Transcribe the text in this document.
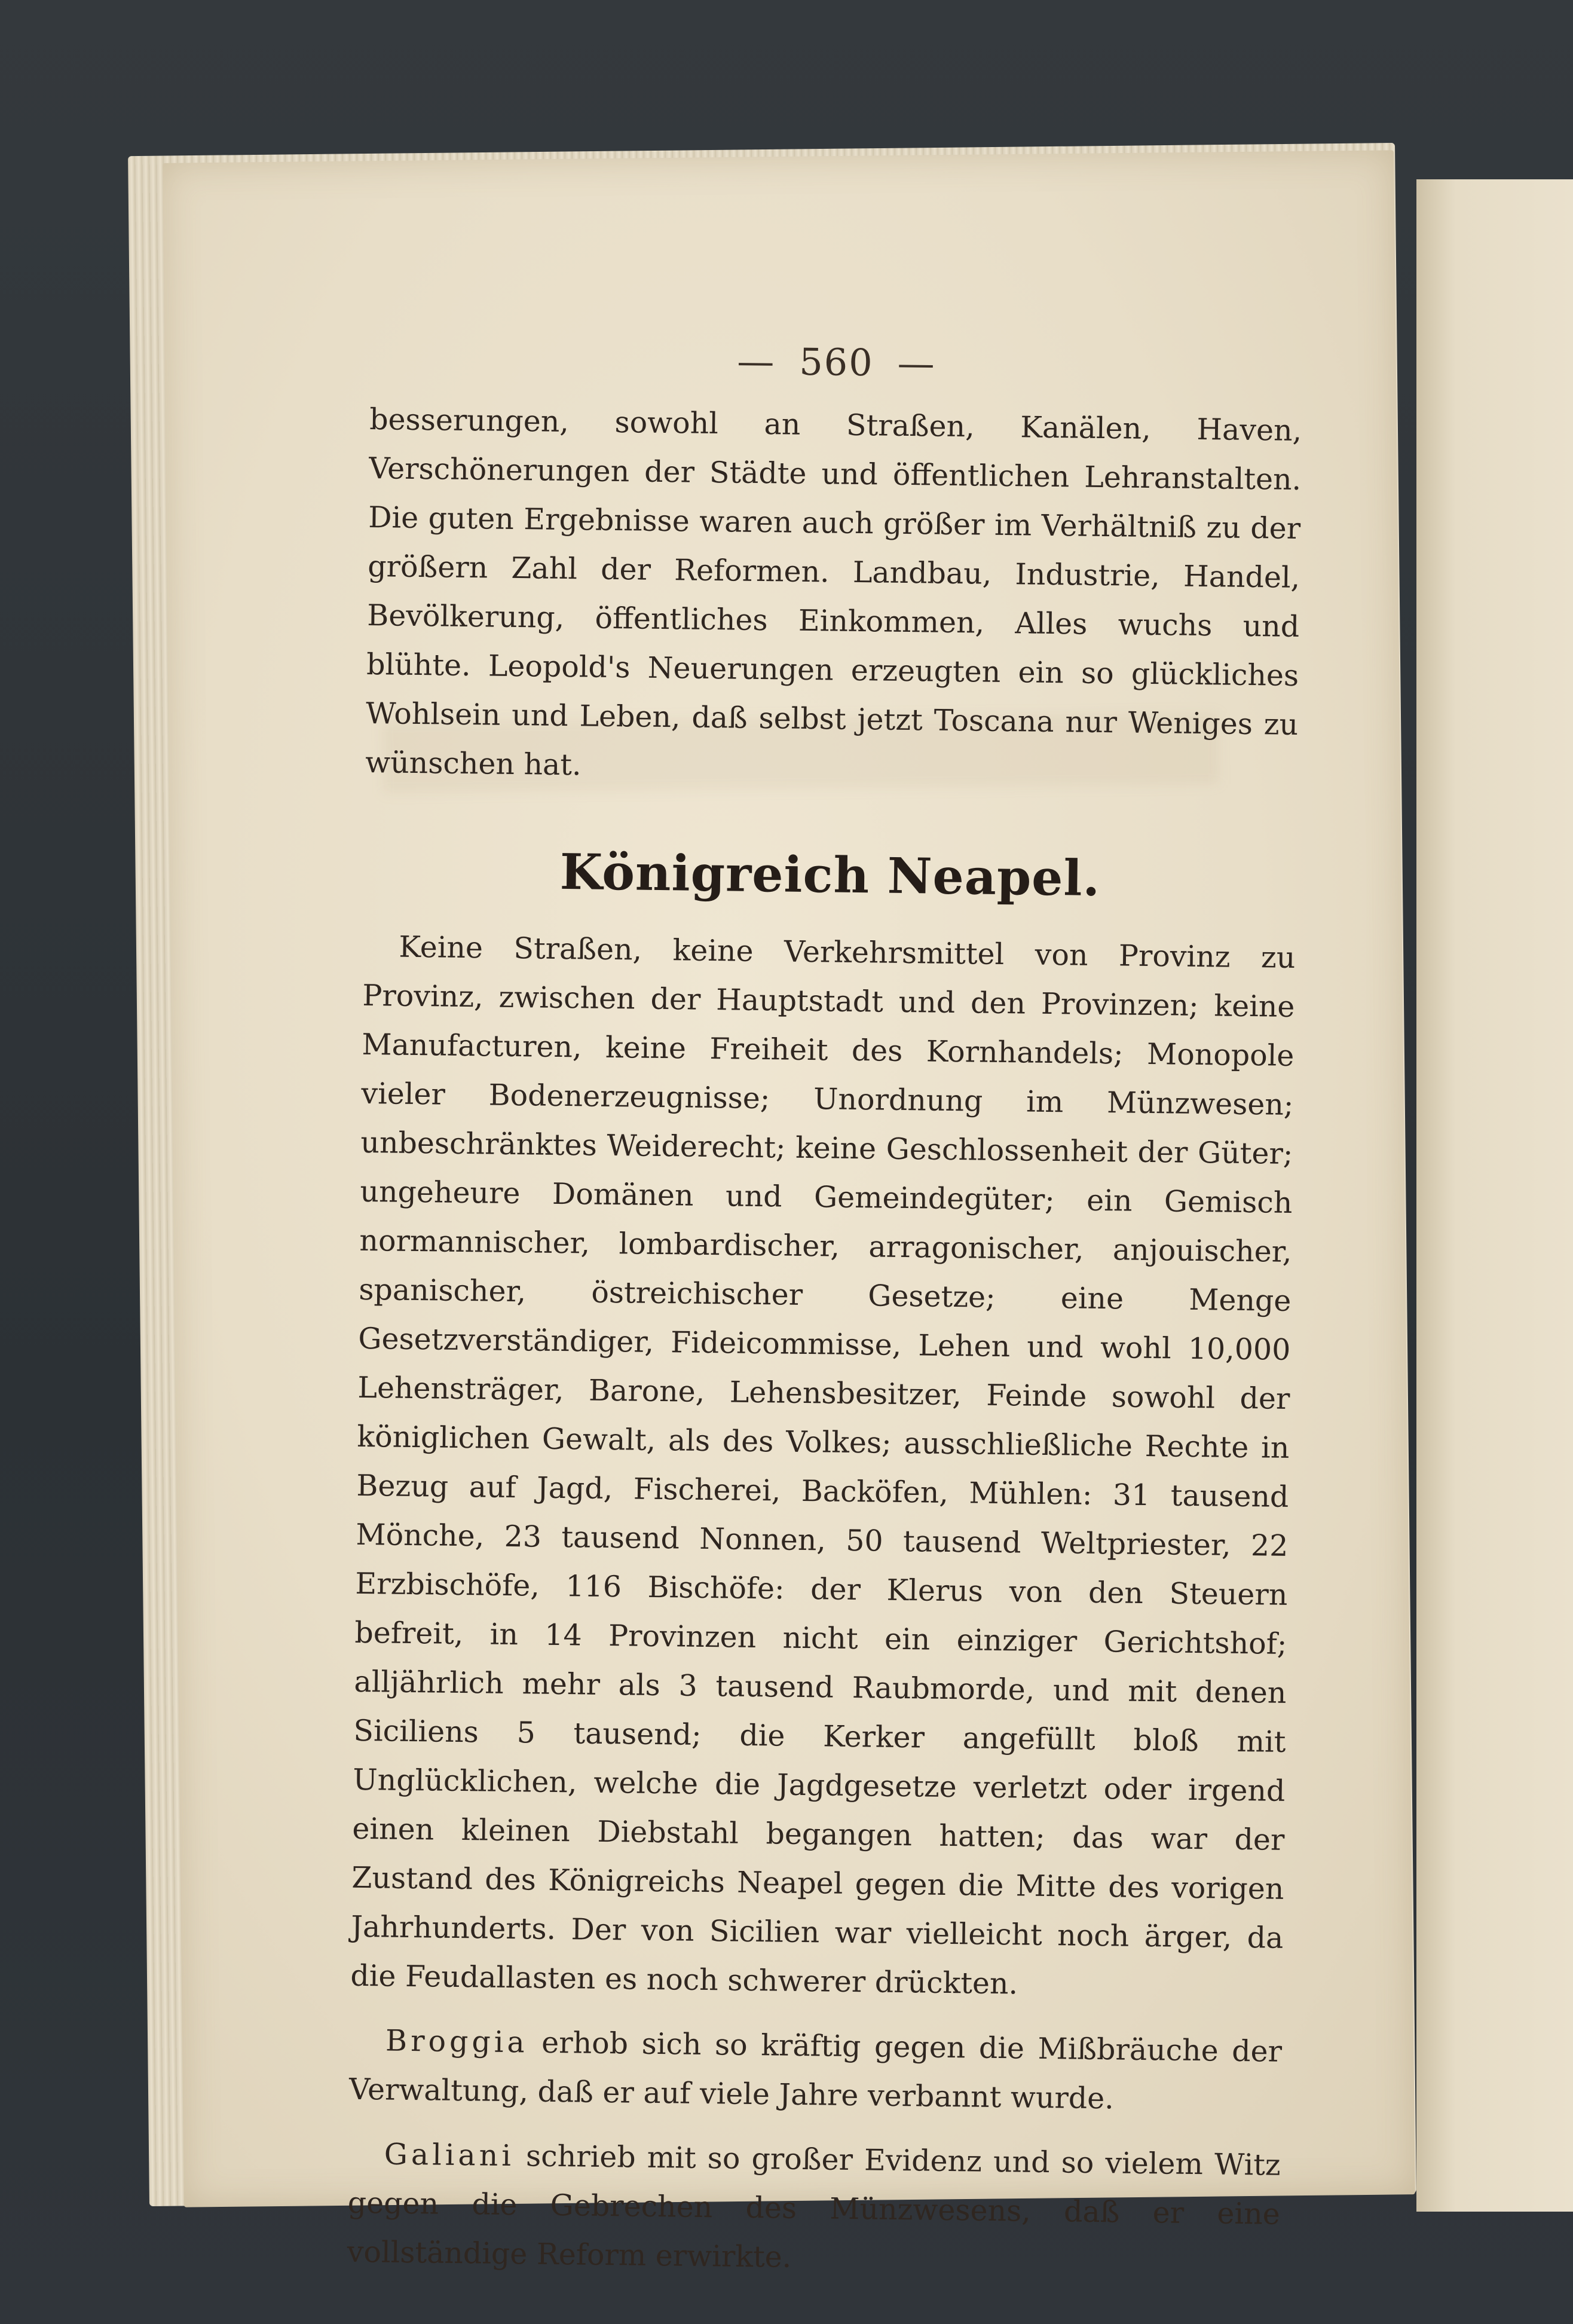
— 560 —

besserungen, sowohl an Straßen, Kanälen, Haven, Verschönerungen der Städte und öffentlichen Lehranstalten. Die guten Ergebnisse waren auch größer im Verhältniß zu der größern Zahl der Reformen. Landbau, Industrie, Handel, Bevölkerung, öffentliches Einkommen, Alles wuchs und blühte. Leopold's Neuerungen erzeugten ein so glückliches Wohlsein und Leben, daß selbst jetzt Toscana nur Weniges zu wünschen hat.

Königreich Neapel.

Keine Straßen, keine Verkehrsmittel von Provinz zu Provinz, zwischen der Hauptstadt und den Provinzen; keine Manufacturen, keine Freiheit des Kornhandels; Monopole vieler Bodenerzeugnisse; Unordnung im Münzwesen; unbeschränktes Weiderecht; keine Geschlossenheit der Güter; ungeheure Domänen und Gemeindegüter; ein Gemisch normannischer, lombardischer, arragonischer, anjouischer, spanischer, östreichischer Gesetze; eine Menge Gesetzverständiger, Fideicommisse, Lehen und wohl 10,000 Lehensträger, Barone, Lehensbesitzer, Feinde sowohl der königlichen Gewalt, als des Volkes; ausschließliche Rechte in Bezug auf Jagd, Fischerei, Backöfen, Mühlen: 31 tausend Mönche, 23 tausend Nonnen, 50 tausend Weltpriester, 22 Erzbischöfe, 116 Bischöfe: der Klerus von den Steuern befreit, in 14 Provinzen nicht ein einziger Gerichtshof; alljährlich mehr als 3 tausend Raubmorde, und mit denen Siciliens 5 tausend; die Kerker angefüllt bloß mit Unglücklichen, welche die Jagdgesetze verletzt oder irgend einen kleinen Diebstahl begangen hatten; das war der Zustand des Königreichs Neapel gegen die Mitte des vorigen Jahrhunderts. Der von Sicilien war vielleicht noch ärger, da die Feudallasten es noch schwerer drückten.

Broggia erhob sich so kräftig gegen die Mißbräuche der Verwaltung, daß er auf viele Jahre verbannt wurde.

Galiani schrieb mit so großer Evidenz und so vielem Witz gegen die Gebrechen des Münzwesens, daß er eine vollständige Reform erwirkte.
